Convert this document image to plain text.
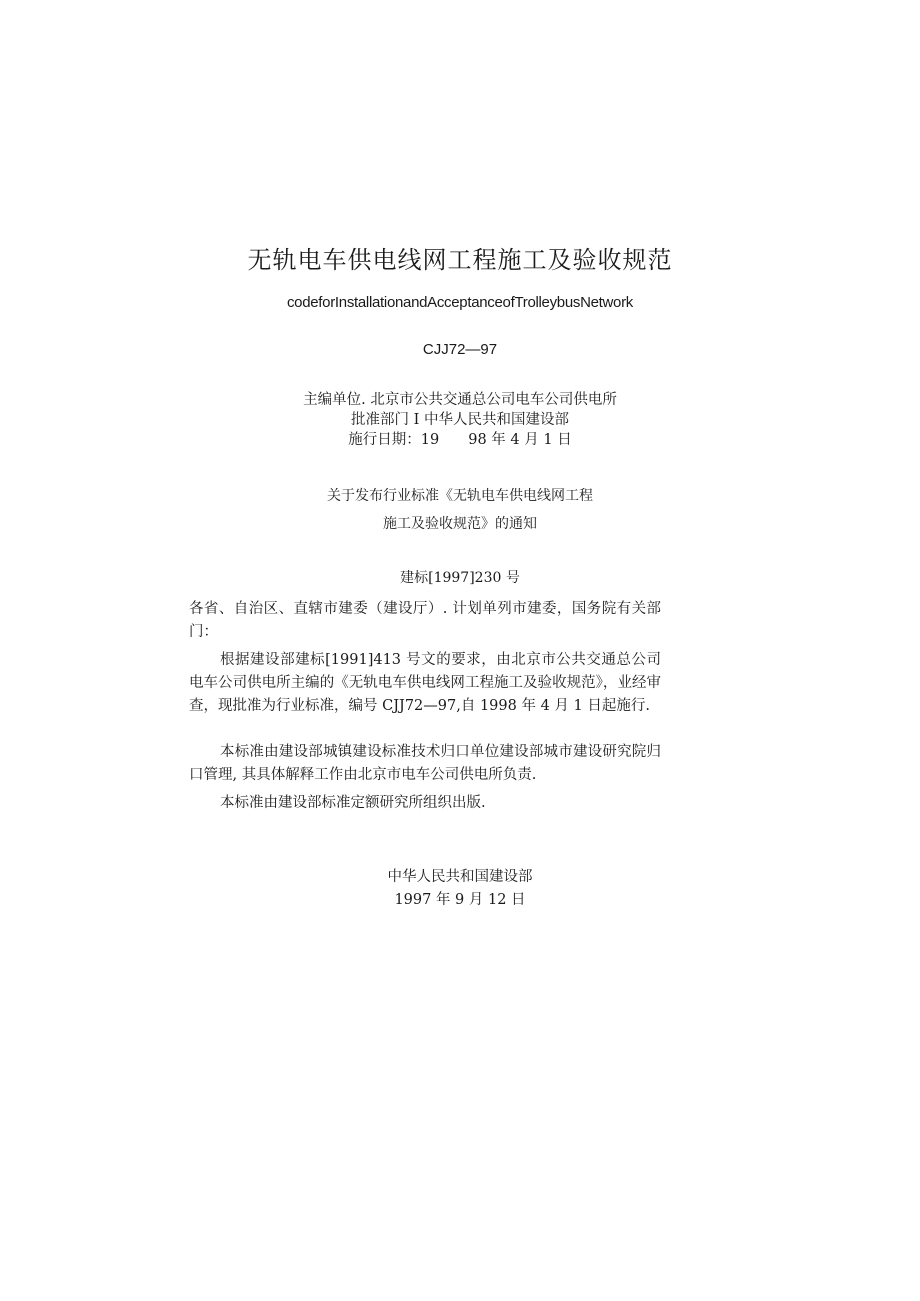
无轨电车供电线网工程施工及验收规范
codeforInstallationandAcceptanceofTrolleybusNetwork
CJJ72—97
主编单位. 北京市公共交通总公司电车公司供电所
批准部门 I 中华人民共和国建设部
施行日期：19　　98 年 4 月 1 日
关于发布行业标准《无轨电车供电线网工程
施工及验收规范》的通知
建标[1997]230 号
各省、自治区、直辖市建委（建设厅）. 计划单列市建委，国务院有关部门：
根据建设部建标[1991]413 号文的要求，由北京市公共交通总公司电车公司供电所主编的《无轨电车供电线网工程施工及验收规范》，业经审查，现批准为行业标准，编号 CJJ72—97,自 1998 年 4 月 1 日起施行.
本标准由建设部城镇建设标准技术归口单位建设部城市建设研究院归口管理, 其具体解释工作由北京市电车公司供电所负责.
本标准由建设部标准定额研究所组织出版.
中华人民共和国建设部
1997 年 9 月 12 日
